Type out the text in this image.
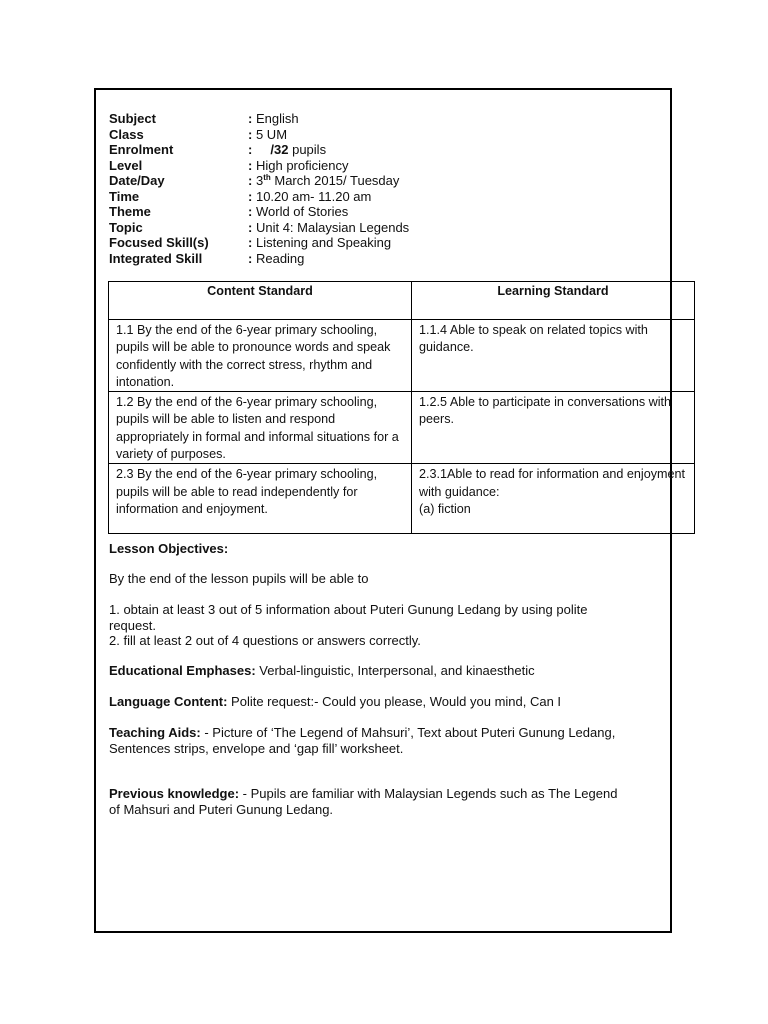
Subject	: English
Class	: 5 UM
Enrolment	: /32 pupils
Level	: High proficiency
Date/Day	: 3th March 2015/ Tuesday
Time	: 10.20 am- 11.20 am
Theme	: World of Stories
Topic	: Unit 4: Malaysian Legends
Focused Skill(s)	: Listening and Speaking
Integrated Skill	: Reading
Content Standard	Learning Standard
1.1 By the end of the 6-year primary schooling, pupils will be able to pronounce words and speak confidently with the correct stress, rhythm and intonation.	1.1.4 Able to speak on related topics with guidance.
1.2 By the end of the 6-year primary schooling, pupils will be able to listen and respond appropriately in formal and informal situations for a variety of purposes.	1.2.5 Able to participate in conversations with peers.
2.3 By the end of the 6-year primary schooling, pupils will be able to read independently for information and enjoyment.	2.3.1Able to read for information and enjoyment with guidance:
(a) fiction
Lesson Objectives:
By the end of the lesson pupils will be able to
1. obtain at least 3 out of 5 information about Puteri Gunung Ledang by using polite request.
2. fill at least 2 out of 4 questions or answers correctly.
Educational Emphases: Verbal-linguistic, Interpersonal, and kinaesthetic
Language Content: Polite request:- Could you please, Would you mind, Can I
Teaching Aids: - Picture of ‘The Legend of Mahsuri’, Text about Puteri Gunung Ledang, Sentences strips, envelope and ‘gap fill’ worksheet.
Previous knowledge: - Pupils are familiar with Malaysian Legends such as The Legend of Mahsuri and Puteri Gunung Ledang.
